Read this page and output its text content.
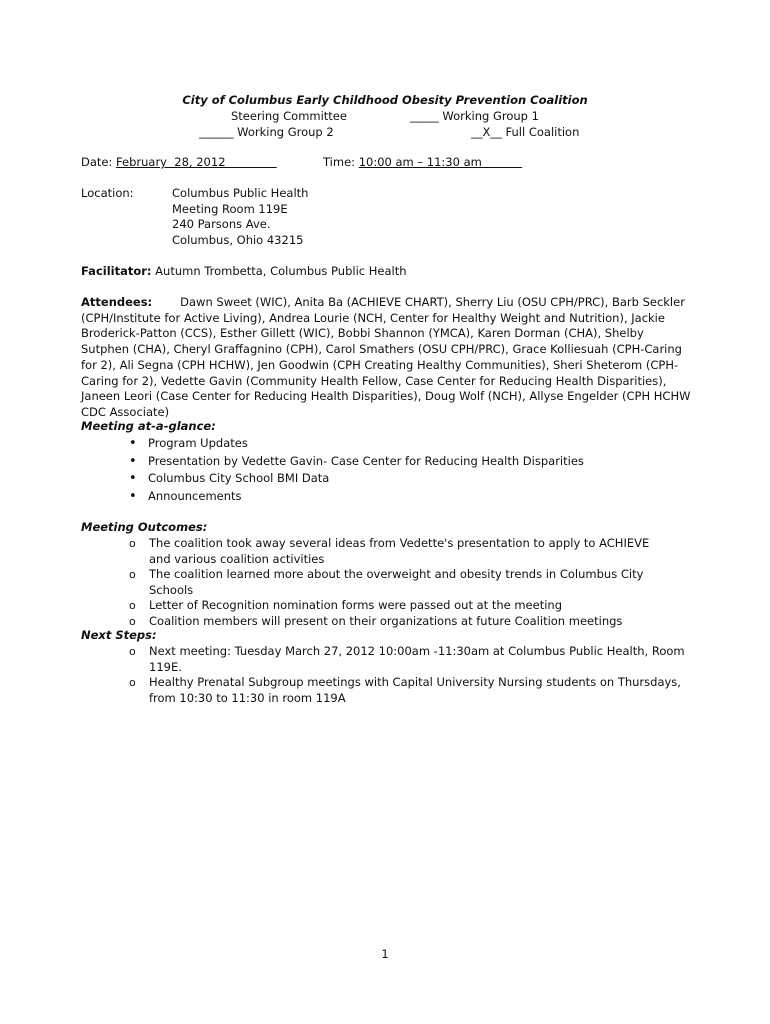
City of Columbus Early Childhood Obesity Prevention Coalition
Steering Committee	_____ Working Group 1
______ Working Group 2	__X__ Full Coalition
Date: February  28, 2012	Time: 10:00 am – 11:30 am
Location:	Columbus Public Health
Meeting Room 119E
240 Parsons Ave.
Columbus, Ohio 43215
Facilitator: Autumn Trombetta, Columbus Public Health
Attendees: Dawn Sweet (WIC), Anita Ba (ACHIEVE CHART), Sherry Liu (OSU CPH/PRC), Barb Seckler (CPH/Institute for Active Living), Andrea Lourie (NCH, Center for Healthy Weight and Nutrition), Jackie Broderick-Patton (CCS), Esther Gillett (WIC), Bobbi Shannon (YMCA), Karen Dorman (CHA), Shelby Sutphen (CHA), Cheryl Graffagnino (CPH), Carol Smathers (OSU CPH/PRC), Grace Kolliesuah (CPH-Caring for 2), Ali Segna (CPH HCHW), Jen Goodwin (CPH Creating Healthy Communities), Sheri Sheterom (CPH-Caring for 2), Vedette Gavin (Community Health Fellow, Case Center for Reducing Health Disparities), Janeen Leori (Case Center for Reducing Health Disparities), Doug Wolf (NCH), Allyse Engelder (CPH HCHW CDC Associate)
Meeting at-a-glance:
• Program Updates
• Presentation by Vedette Gavin- Case Center for Reducing Health Disparities
• Columbus City School BMI Data
• Announcements
Meeting Outcomes:
o The coalition took away several ideas from Vedette's presentation to apply to ACHIEVE and various coalition activities
o The coalition learned more about the overweight and obesity trends in Columbus City Schools
o Letter of Recognition nomination forms were passed out at the meeting
o Coalition members will present on their organizations at future Coalition meetings
Next Steps:
o Next meeting: Tuesday March 27, 2012 10:00am -11:30am at Columbus Public Health, Room 119E.
o Healthy Prenatal Subgroup meetings with Capital University Nursing students on Thursdays, from 10:30 to 11:30 in room 119A
1
